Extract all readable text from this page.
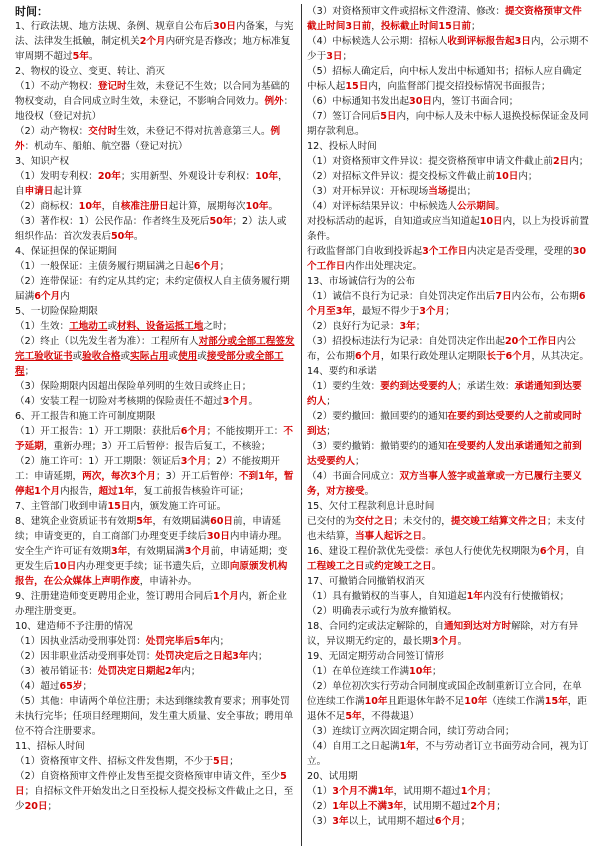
时间：
1、行政法规、地方法规、条例、规章自公布后30日内备案，与宪法、法律发生抵触，制定机关2个月内研究是否修改；地方标准复审周期不超过5年。
2、物权的设立、变更、转让、消灭
（1）不动产物权：登记时生效，未登记不生效；以合同为基础的物权变动，自合同成立时生效，未登记，不影响合同效力。例外：地役权（登记对抗）
（2）动产物权：交付时生效，未登记不得对抗善意第三人。例外：机动车、船舶、航空器（登记对抗）
3、知识产权
（1）发明专利权：20年；实用新型、外观设计专利权：10年，自申请日起计算
（2）商标权：10年，自核准注册日起计算，展期每次10年。
（3）著作权：1）公民作品：作者终生及死后50年；2）法人或组织作品：首次发表后50年。
4、保证担保的保证期间
（1）一般保证：主债务履行期届满之日起6个月；
（2）连带保证：有约定从其约定；未约定债权人自主债务履行期届满6个月内
5、一切险保险期限
（1）生效：工地动工或材料、设备运抵工地之时；
（2）终止（以先发生者为准）：工程所有人对部分或全部工程签发完工验收证书或验收合格或实际占用或使用或接受部分或全部工程；
（3）保险期限内因超出保险单列明的生效日或终止日；
（4）安装工程一切险对考核期的保险责任不超过3个月。
6、开工报告和施工许可制度期限
（1）开工报告：1）开工期限：获批后6个月；不能按期开工：不予延期，重新办理；3）开工后暂停：报告后复工，不核验；
（2）施工许可：1）开工期限：领证后3个月；2）不能按期开工：申请延期，两次，每次3个月；3）开工后暂停：不到1年，暂停起1个月内报告，超过1年，复工前报告核验许可证；
7、主管部门收到申请15日内，颁发施工许可证。
8、建筑企业资质证书有效期5年，有效期届满60日前，申请延续；申请变更的，自工商部门办理变更手续后30日内申请办理。
安全生产许可证有效期3年，有效期届满3个月前，申请延期；变更发生后10日内办理变更手续；证书遗失后，立即向原颁发机构报告，在公众媒体上声明作废，申请补办。
9、注册建造师变更聘用企业，签订聘用合同后1个月内，新企业办理注册变更。
10、建造师不予注册的情况
（1）因执业活动受刑事处罚：处罚完毕后5年内；
（2）因非职业活动受刑事处罚：处罚决定后之日起3年内；
（3）被吊销证书：处罚决定日期起2年内；
（4）超过65岁；
（5）其他：申请两个单位注册；未达到继续教育要求；刑事处罚未执行完毕；任项目经理期间，发生重大质量、安全事故；聘用单位不符合注册要求。
11、招标人时间
（1）资格预审文件、招标文件发售期，不少于5日；
（2）自资格预审文件停止发售至提交资格预审申请文件，至少5日；自招标文件开始发出之日至投标人提交投标文件截止之日，至少20日；
（3）对资格预审文件或招标文件澄清、修改：提交资格预审文件截止时间3日前，投标截止时间15日前；
（4）中标候选人公示期：招标人收到评标报告起3日内，公示期不少于3日；
（5）招标人确定后，向中标人发出中标通知书；招标人应自确定中标人起15日内，向监督部门提交招投标情况书面报告；
（6）中标通知书发出起30日内，签订书面合同；
（7）签订合同后5日内，向中标人及未中标人退换投标保证金及同期存款利息。
12、投标人时间
（1）对资格预审文件异议：提交资格预审申请文件截止前2日内；
（2）对招标文件异议：提交投标文件截止前10日内；
（3）对开标异议：开标现场当场提出；
（4）对评标结果异议：中标候选人公示期间。
对投标活动的起诉，自知道或应当知道起10日内，以上为投诉前置条件。
行政监督部门自收到投诉起3个工作日内决定是否受理，受理的30个工作日内作出处理决定。
13、市场诚信行为的公布
（1）诚信不良行为记录：自处罚决定作出后7日内公布，公布期6个月至3年，最短不得少于3个月；
（2）良好行为记录：3年；
（3）招投标违法行为记录：自处罚决定作出起20个工作日内公布，公布期6个月，如果行政处理认定期限长于6个月，从其决定。
14、要约和承诺
（1）要约生效：要约到达受要约人；承诺生效：承诺通知到达要约人；
（2）要约撤回：撤回要约的通知在要约到达受要约人之前或同时到达；
（3）要约撤销：撤销要约的通知在受要约人发出承诺通知之前到达受要约人；
（4）书面合同成立：双方当事人签字或盖章或一方已履行主要义务，对方接受。
15、欠付工程款利息计息时间
已交付的为交付之日；未交付的，提交竣工结算文件之日；未支付也未结算，当事人起诉之日。
16、建设工程价款优先受偿：承包人行使优先权期限为6个月，自工程竣工之日或约定竣工之日。
17、可撤销合同撤销权消灭
（1）具有撤销权的当事人，自知道起1年内没有行使撤销权；
（2）明确表示或行为放弃撤销权。
18、合同约定或法定解除的，自通知到达对方时解除，对方有异议，异议期无约定的，最长期3个月。
19、无固定期劳动合同签订情形
（1）在单位连续工作满10年；
（2）单位初次实行劳动合同制度或国企改制重新订立合同，在单位连续工作满10年且距退休年龄不足10年（连续工作满15年，距退休不足5年，不得裁退）
（3）连续订立两次固定期合同，续订劳动合同；
（4）自用工之日起满1年，不与劳动者订立书面劳动合同，视为订立。
20、试用期
（1）3个月不满1年，试用期不超过1个月；
（2）1年以上不满3年，试用期不超过2个月；
（3）3年以上，试用期不超过6个月；
